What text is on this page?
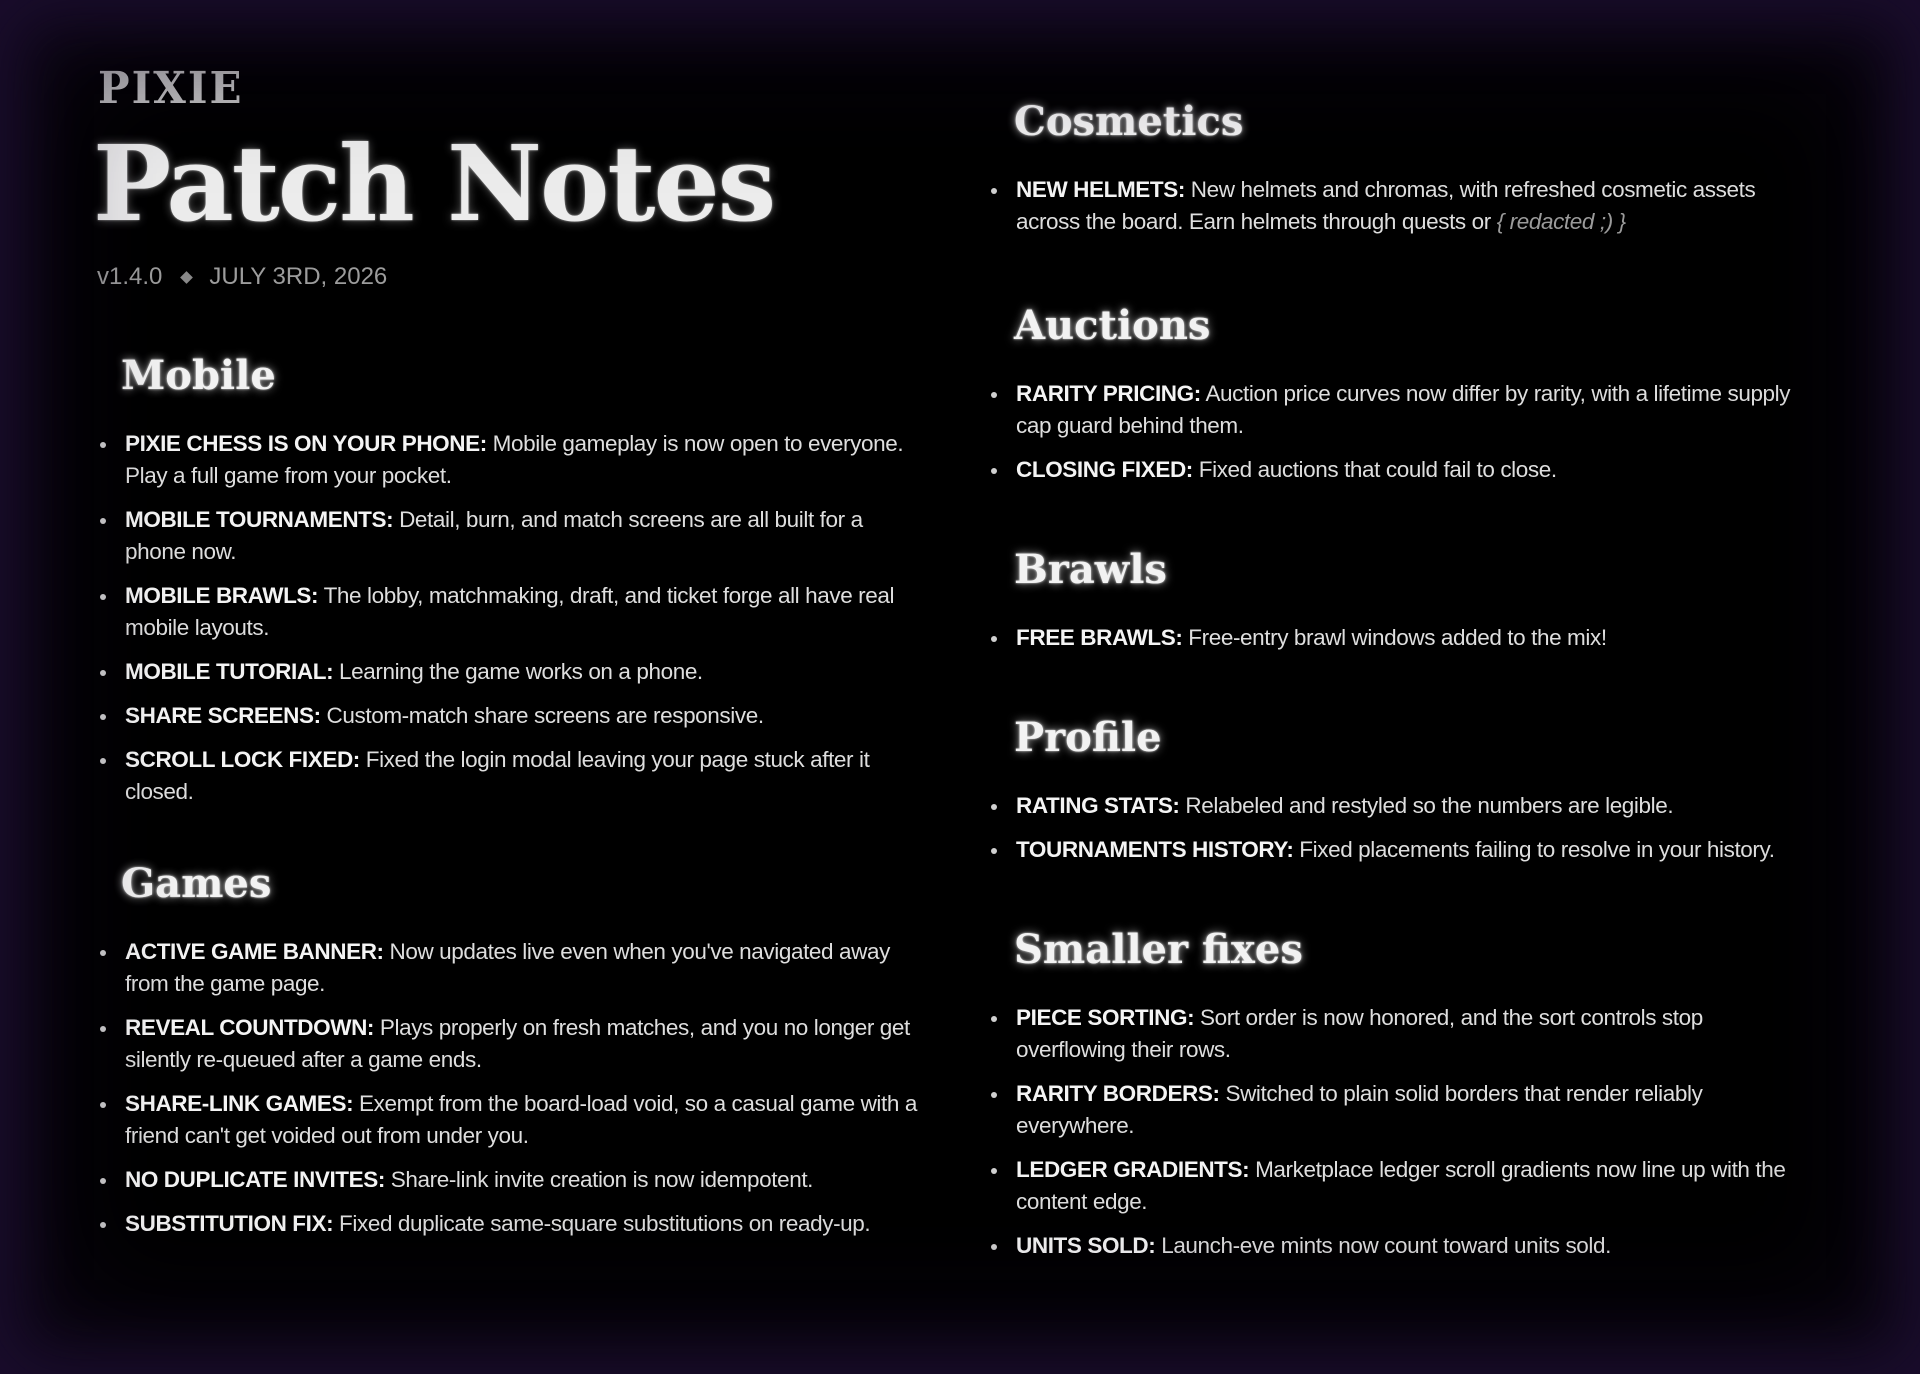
PIXIE
Patch Notes
v1.4.0 JULY 3RD, 2026
Mobile
PIXIE CHESS IS ON YOUR PHONE: Mobile gameplay is now open to everyone. Play a full game from your pocket.
MOBILE TOURNAMENTS: Detail, burn, and match screens are all built for a phone now.
MOBILE BRAWLS: The lobby, matchmaking, draft, and ticket forge all have real mobile layouts.
MOBILE TUTORIAL: Learning the game works on a phone.
SHARE SCREENS: Custom-match share screens are responsive.
SCROLL LOCK FIXED: Fixed the login modal leaving your page stuck after it closed.
Games
ACTIVE GAME BANNER: Now updates live even when you've navigated away from the game page.
REVEAL COUNTDOWN: Plays properly on fresh matches, and you no longer get silently re-queued after a game ends.
SHARE-LINK GAMES: Exempt from the board-load void, so a casual game with a friend can't get voided out from under you.
NO DUPLICATE INVITES: Share-link invite creation is now idempotent.
SUBSTITUTION FIX: Fixed duplicate same-square substitutions on ready-up.
Cosmetics
NEW HELMETS: New helmets and chromas, with refreshed cosmetic assets across the board. Earn helmets through quests or { redacted ;) }
Auctions
RARITY PRICING: Auction price curves now differ by rarity, with a lifetime supply cap guard behind them.
CLOSING FIXED: Fixed auctions that could fail to close.
Brawls
FREE BRAWLS: Free-entry brawl windows added to the mix!
Profile
RATING STATS: Relabeled and restyled so the numbers are legible.
TOURNAMENTS HISTORY: Fixed placements failing to resolve in your history.
Smaller fixes
PIECE SORTING: Sort order is now honored, and the sort controls stop overflowing their rows.
RARITY BORDERS: Switched to plain solid borders that render reliably everywhere.
LEDGER GRADIENTS: Marketplace ledger scroll gradients now line up with the content edge.
UNITS SOLD: Launch-eve mints now count toward units sold.
